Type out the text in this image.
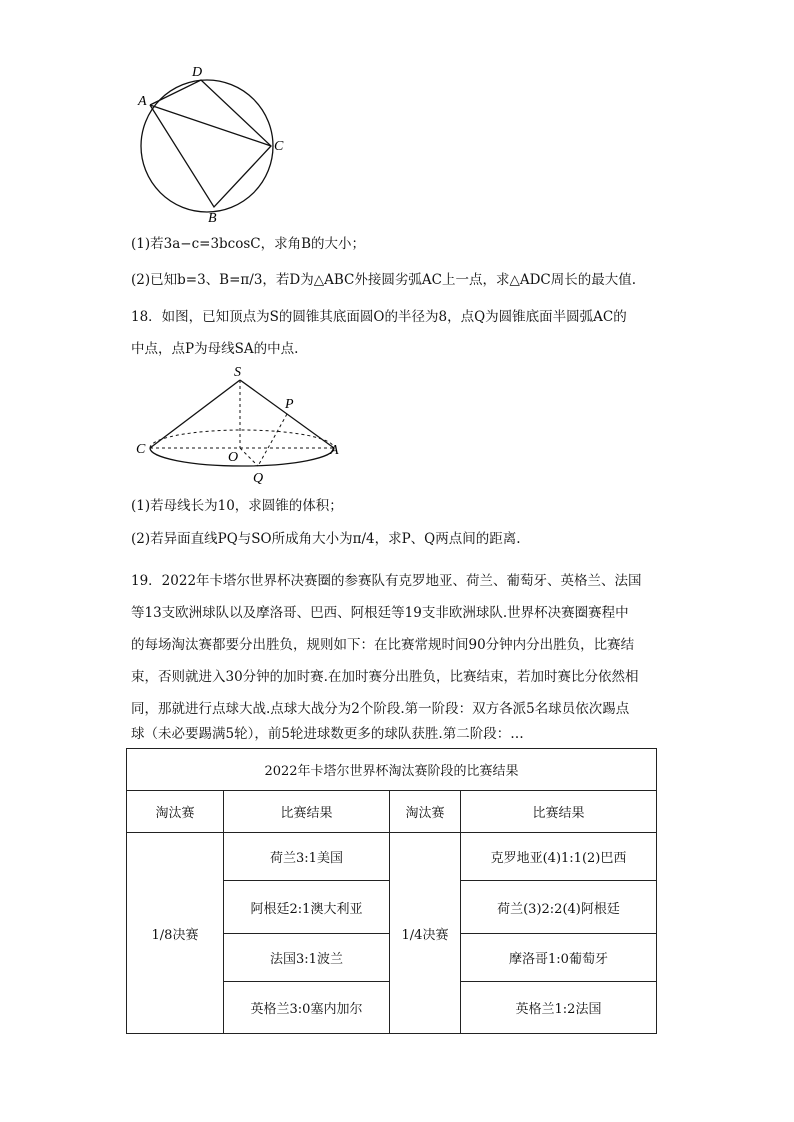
A
D
C
B
(1)若3a−c=3bcosC，求角B的大小；
(2)已知b=3、B=π/3，若D为△ABC外接圆劣弧AC上一点，求△ADC周长的最大值.
18．如图，已知顶点为S的圆锥其底面圆O的半径为8，点Q为圆锥底面半圆弧AC的
中点，点P为母线SA的中点.
S
P
C
O	A
Q
(1)若母线长为10，求圆锥的体积；
(2)若异面直线PQ与SO所成角大小为π/4，求P、Q两点间的距离.
19．2022年卡塔尔世界杯决赛圈的参赛队有克罗地亚、荷兰、葡萄牙、英格兰、法国
等13支欧洲球队以及摩洛哥、巴西、阿根廷等19支非欧洲球队.世界杯决赛圈赛程中
的每场淘汰赛都要分出胜负，规则如下：在比赛常规时间90分钟内分出胜负，比赛结
束，否则就进入30分钟的加时赛.在加时赛分出胜负，比赛结束，若加时赛比分依然相
同，那就进行点球大战.点球大战分为2个阶段.第一阶段：双方各派5名球员依次踢点
球（未必要踢满5轮），前5轮进球数更多的球队获胜.第二阶段：…
2022年卡塔尔世界杯淘汰赛阶段的比赛结果			
淘汰赛	比赛结果	淘汰赛	比赛结果
1/8决赛	荷兰3:1美国	1/4决赛	克罗地亚(4)1:1(2)巴西
	阿根廷2:1澳大利亚		荷兰(3)2:2(4)阿根廷
	法国3:1波兰		摩洛哥1:0葡萄牙
	英格兰3:0塞内加尔		英格兰1:2法国
